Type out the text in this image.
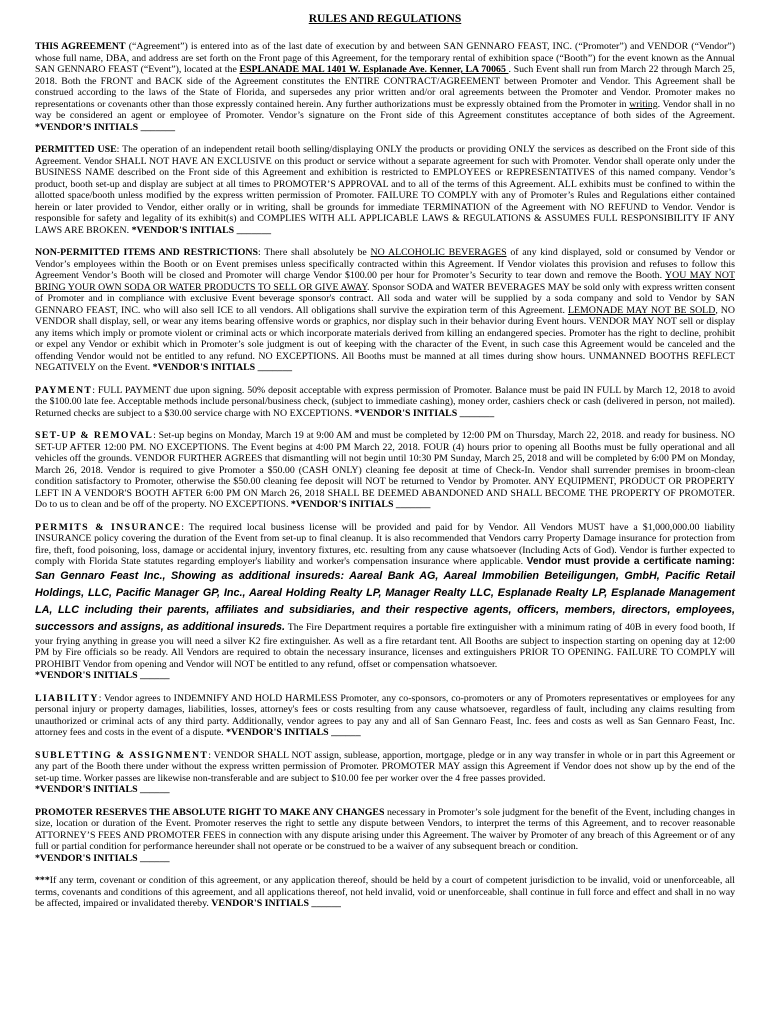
RULES AND REGULATIONS

THIS AGREEMENT (“Agreement”) is entered into as of the last date of execution by and between SAN GENNARO FEAST, INC. (“Promoter”) and VENDOR (“Vendor”) whose full name, DBA, and address are set forth on the Front page of this Agreement, for the temporary rental of exhibition space (“Booth”) for the event known as the Annual SAN GENNARO FEAST (“Event”), located at the ESPLANADE MAL 1401 W. Esplanade Ave. Kenner, LA 70065 . Such Event shall run from March 22 through March 25, 2018. Both the FRONT and BACK side of the Agreement constitutes the ENTIRE CONTRACT/AGREEMENT between Promoter and Vendor. This Agreement shall be construed according to the laws of the State of Florida, and supersedes any prior written and/or oral agreements between the Promoter and Vendor. Promoter makes no representations or covenants other than those expressly contained herein. Any further authorizations must be expressly obtained from the Promoter in writing. Vendor shall in no way be considered an agent or employee of Promoter. Vendor’s signature on the Front side of this Agreement constitutes acceptance of both sides of the Agreement. *VENDOR’S INITIALS _______

PERMITTED USE: The operation of an independent retail booth selling/displaying ONLY the products or providing ONLY the services as described on the Front side of this Agreement. Vendor SHALL NOT HAVE AN EXCLUSIVE on this product or service without a separate agreement for such with Promoter. Vendor shall operate only under the BUSINESS NAME described on the Front side of this Agreement and exhibition is restricted to EMPLOYEES or REPRESENTATIVES of this named company. Vendor’s product, booth set-up and display are subject at all times to PROMOTER’S APPROVAL and to all of the terms of this Agreement. ALL exhibits must be confined to within the allotted space/booth unless modified by the express written permission of Promoter. FAILURE TO COMPLY with any of Promoter’s Rules and Regulations either contained herein or later provided to Vendor, either orally or in writing, shall be grounds for immediate TERMINATION of the Agreement with NO REFUND to Vendor. Vendor is responsible for safety and legality of its exhibit(s) and COMPLIES WITH ALL APPLICABLE LAWS & REGULATIONS & ASSUMES FULL RESPONSIBILITY IF ANY LAWS ARE BROKEN. *VENDOR'S INITIALS _______

NON-PERMITTED ITEMS AND RESTRICTIONS: There shall absolutely be NO ALCOHOLIC BEVERAGES of any kind displayed, sold or consumed by Vendor or Vendor’s employees within the Booth or on Event premises unless specifically contracted within this Agreement. If Vendor violates this provision and refuses to follow this Agreement Vendor’s Booth will be closed and Promoter will charge Vendor $100.00 per hour for Promoter’s Security to tear down and remove the Booth. YOU MAY NOT BRING YOUR OWN SODA OR WATER PRODUCTS TO SELL OR GIVE AWAY. Sponsor SODA and WATER BEVERAGES MAY be sold only with express written consent of Promoter and in compliance with exclusive Event beverage sponsor's contract. All soda and water will be supplied by a soda company and sold to Vendor by SAN GENNARO FEAST, INC. who will also sell ICE to all vendors. All obligations shall survive the expiration term of this Agreement. LEMONADE MAY NOT BE SOLD, NO VENDOR shall display, sell, or wear any items bearing offensive words or graphics, nor display such in their behavior during Event hours. VENDOR MAY NOT sell or display any items which imply or promote violent or criminal acts or which incorporate materials derived from killing an endangered species. Promoter has the right to decline, prohibit or expel any Vendor or exhibit which in Promoter’s sole judgment is out of keeping with the character of the Event, in such case this Agreement would be canceled and the offending Vendor would not be entitled to any refund. NO EXCEPTIONS. All Booths must be manned at all times during show hours. UNMANNED BOOTHS REFLECT NEGATIVELY on the Event. *VENDOR'S INITIALS _______

PAYMENT: FULL PAYMENT due upon signing. 50% deposit acceptable with express permission of Promoter. Balance must be paid IN FULL by March 12, 2018 to avoid the $100.00 late fee. Acceptable methods include personal/business check, (subject to immediate cashing), money order, cashiers check or cash (delivered in person, not mailed). Returned checks are subject to a $30.00 service charge with NO EXCEPTIONS. *VENDOR'S INITIALS _______

SET-UP & REMOVAL: Set-up begins on Monday, March 19 at 9:00 AM and must be completed by 12:00 PM on Thursday, March 22, 2018. and ready for business. NO SET-UP AFTER 12:00 PM. NO EXCEPTIONS. The Event begins at 4:00 PM March 22, 2018. FOUR (4) hours prior to opening all Booths must be fully operational and all vehicles off the grounds. VENDOR FURTHER AGREES that dismantling will not begin until 10:30 PM Sunday, March 25, 2018 and will be completed by 6:00 PM on Monday, March 26, 2018. Vendor is required to give Promoter a $50.00 (CASH ONLY) cleaning fee deposit at time of Check-In. Vendor shall surrender premises in broom-clean condition satisfactory to Promoter, otherwise the $50.00 cleaning fee deposit will NOT be returned to Vendor by Promoter. ANY EQUIPMENT, PRODUCT OR PROPERTY LEFT IN A VENDOR'S BOOTH AFTER 6:00 PM ON March 26, 2018 SHALL BE DEEMED ABANDONED AND SHALL BECOME THE PROPERTY OF PROMOTER. Do to us to clean and be off of the property. NO EXCEPTIONS. *VENDOR'S INITIALS _______

PERMITS & INSURANCE: The required local business license will be provided and paid for by Vendor. All Vendors MUST have a $1,000,000.00 liability INSURANCE policy covering the duration of the Event from set-up to final cleanup. It is also recommended that Vendors carry Property Damage insurance for protection from fire, theft, food poisoning, loss, damage or accidental injury, inventory fixtures, etc. resulting from any cause whatsoever (Including Acts of God). Vendor is further expected to comply with Florida State statutes regarding employer's liability and worker's compensation insurance where applicable. Vendor must provide a certificate naming: San Gennaro Feast Inc., Showing as additional insureds: Aareal Bank AG, Aareal Immobilien Beteiligungen, GmbH, Pacific Retail Holdings, LLC, Pacific Manager GP, Inc., Aareal Holding Realty LP, Manager Realty LLC, Esplanade Realty LP, Esplanade Management LA, LLC including their parents, affiliates and subsidiaries, and their respective agents, officers, members, directors, employees, successors and assigns, as additional insureds. The Fire Department requires a portable fire extinguisher with a minimum rating of 40B in every food booth, If your frying anything in grease you will need a silver K2 fire extinguisher. As well as a fire retardant tent. All Booths are subject to inspection starting on opening day at 12:00 PM by Fire officials so be ready. All Vendors are required to obtain the necessary insurance, licenses and extinguishers PRIOR TO OPENING. FAILURE TO COMPLY will PROHIBIT Vendor from opening and Vendor will NOT be entitled to any refund, offset or compensation whatsoever.
*VENDOR'S INITIALS ______

LIABILITY: Vendor agrees to INDEMNIFY AND HOLD HARMLESS Promoter, any co-sponsors, co-promoters or any of Promoters representatives or employees for any personal injury or property damages, liabilities, losses, attorney's fees or costs resulting from any cause whatsoever, regardless of fault, including any claims resulting from unauthorized or criminal acts of any third party. Additionally, vendor agrees to pay any and all of San Gennaro Feast, Inc. fees and costs as well as San Gennaro Feast, Inc. attorney fees and costs in the event of a dispute. *VENDOR'S INITIALS ______

SUBLETTING & ASSIGNMENT: VENDOR SHALL NOT assign, sublease, apportion, mortgage, pledge or in any way transfer in whole or in part this Agreement or any part of the Booth there under without the express written permission of Promoter. PROMOTER MAY assign this Agreement if Vendor does not show up by the end of the set-up time. Worker passes are likewise non-transferable and are subject to $10.00 fee per worker over the 4 free passes provided.
*VENDOR'S INITIALS ______

PROMOTER RESERVES THE ABSOLUTE RIGHT TO MAKE ANY CHANGES necessary in Promoter’s sole judgment for the benefit of the Event, including changes in size, location or duration of the Event. Promoter reserves the right to settle any dispute between Vendors, to interpret the terms of this Agreement, and to recover reasonable ATTORNEY’S FEES AND PROMOTER FEES in connection with any dispute arising under this Agreement. The waiver by Promoter of any breach of this Agreement or of any full or partial condition for performance hereunder shall not operate or be construed to be a waiver of any subsequent breach or condition.
*VENDOR'S INITIALS ______

***If any term, covenant or condition of this agreement, or any application thereof, should be held by a court of competent jurisdiction to be invalid, void or unenforceable, all terms, covenants and conditions of this agreement, and all applications thereof, not held invalid, void or unenforceable, shall continue in full force and effect and shall in no way be affected, impaired or invalidated thereby. VENDOR'S INITIALS ______
